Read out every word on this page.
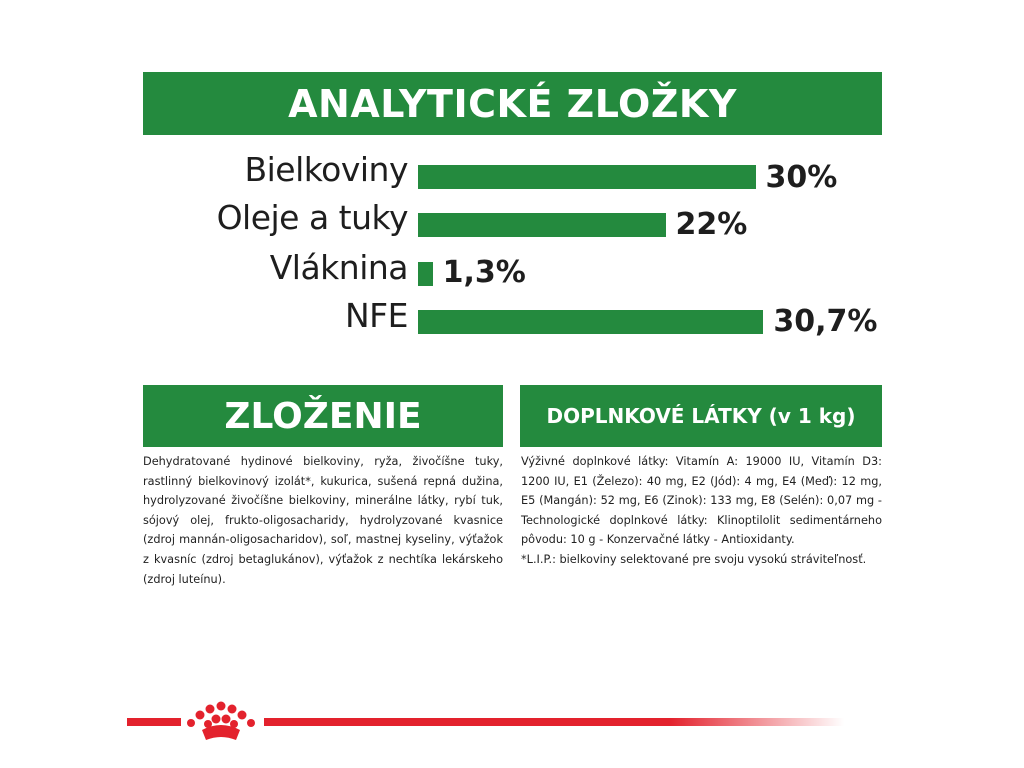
ANALYTICKÉ ZLOŽKY
Bielkoviny	30%
Oleje a tuky	22%
Vláknina 1,3%
NFE	30,7%
ZLOŽENIE

Dehydratované hydinové bielkoviny, ryža, živočíšne tuky, rastlinný bielkovinový izolát*, kukurica, sušená repná dužina, hydrolyzované živočíšne bielkoviny, minerálne látky, rybí tuk, sójový olej, frukto-oligosacharidy, hydrolyzované kvasnice (zdroj mannán-oligosacharidov), soľ, mastnej kyseliny, výťažok z kvasníc (zdroj betaglukánov), výťažok z nechtíka lekárskeho (zdroj luteínu).

DOPLNKOVÉ LÁTKY (v 1 kg)

Výživné doplnkové látky: Vitamín A: 19000 IU, Vitamín D3: 1200 IU, E1 (Železo): 40 mg, E2 (Jód): 4 mg, E4 (Meď): 12 mg, E5 (Mangán): 52 mg, E6 (Zinok): 133 mg, E8 (Selén): 0,07 mg - Technologické doplnkové látky: Klinoptilolit sedimentárneho pôvodu: 10 g - Konzervačné látky - Antioxidanty.

*L.I.P.: bielkoviny selektované pre svoju vysokú stráviteľnosť.
